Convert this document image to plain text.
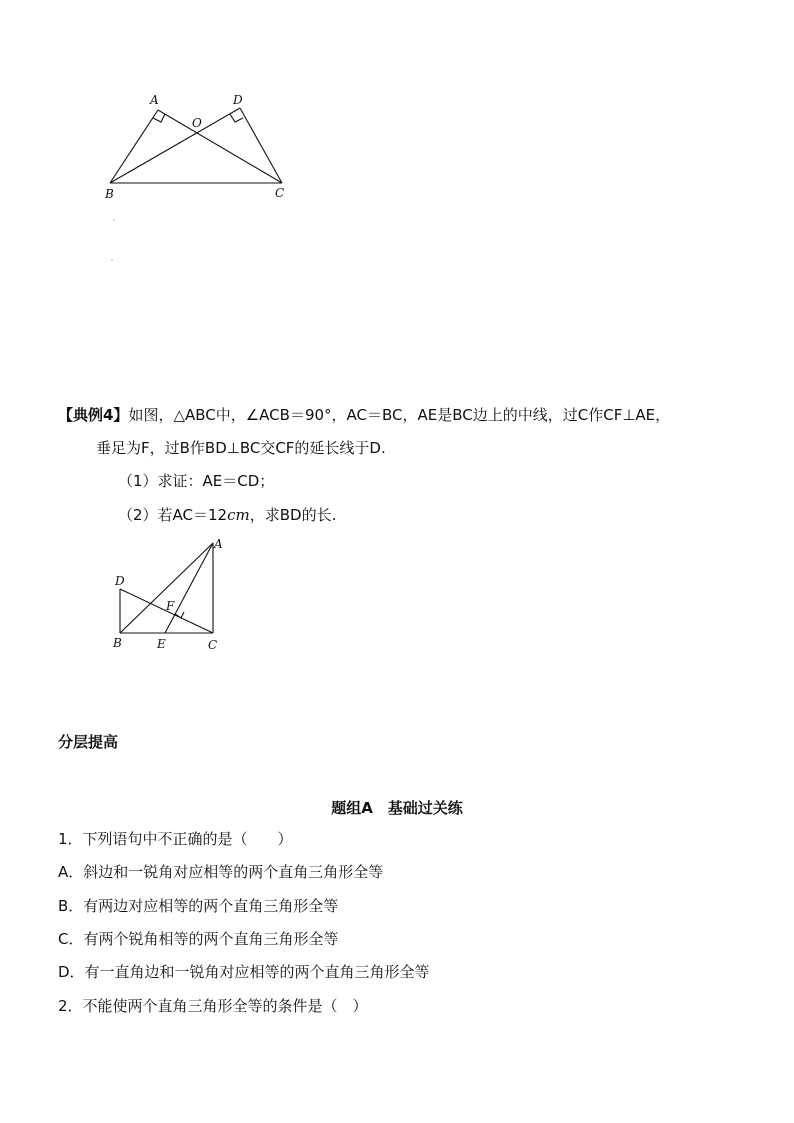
A	D
O
B	C
【典例4】如图，△ABC中，∠ACB＝90°，AC＝BC，AE是BC边上的中线，过C作CF⊥AE，
垂足为F，过B作BD⊥BC交CF的延长线于D.
（1）求证：AE＝CD；
（2）若AC＝12cm，求BD的长.
A
D
F
B	E	C
分层提高
题组A　基础过关练
1．下列语句中不正确的是（　　）
A．斜边和一锐角对应相等的两个直角三角形全等
B．有两边对应相等的两个直角三角形全等
C．有两个锐角相等的两个直角三角形全等
D．有一直角边和一锐角对应相等的两个直角三角形全等
2．不能使两个直角三角形全等的条件是（　）
